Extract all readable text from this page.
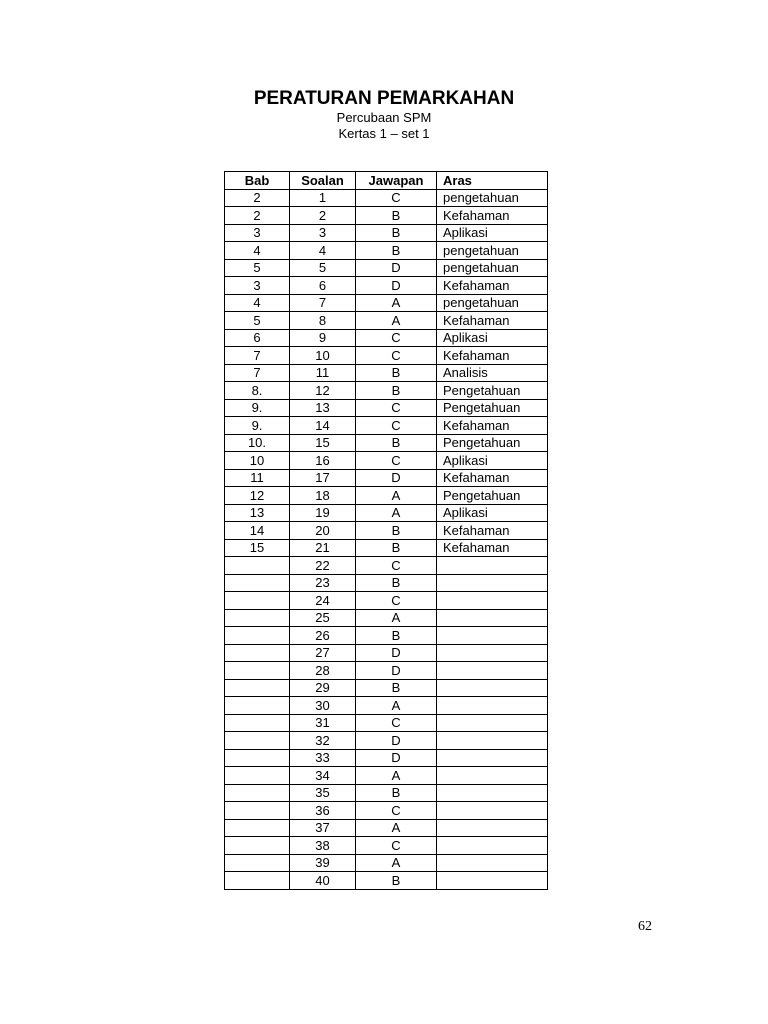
PERATURAN PEMARKAHAN
Percubaan SPM
Kertas 1 – set 1
Bab	Soalan	Jawapan	Aras
2	1	C	pengetahuan
2	2	B	Kefahaman
3	3	B	Aplikasi
4	4	B	pengetahuan
5	5	D	pengetahuan
3	6	D	Kefahaman
4	7	A	pengetahuan
5	8	A	Kefahaman
6	9	C	Aplikasi
7	10	C	Kefahaman
7	11	B	Analisis
8.	12	B	Pengetahuan
9.	13	C	Pengetahuan
9.	14	C	Kefahaman
10.	15	B	Pengetahuan
10	16	C	Aplikasi
11	17	D	Kefahaman
12	18	A	Pengetahuan
13	19	A	Aplikasi
14	20	B	Kefahaman
15	21	B	Kefahaman
	22	C	
	23	B	
	24	C	
	25	A	
	26	B	
	27	D	
	28	D	
	29	B	
	30	A	
	31	C	
	32	D	
	33	D	
	34	A	
	35	B	
	36	C	
	37	A	
	38	C	
	39	A	
	40	B	
62
